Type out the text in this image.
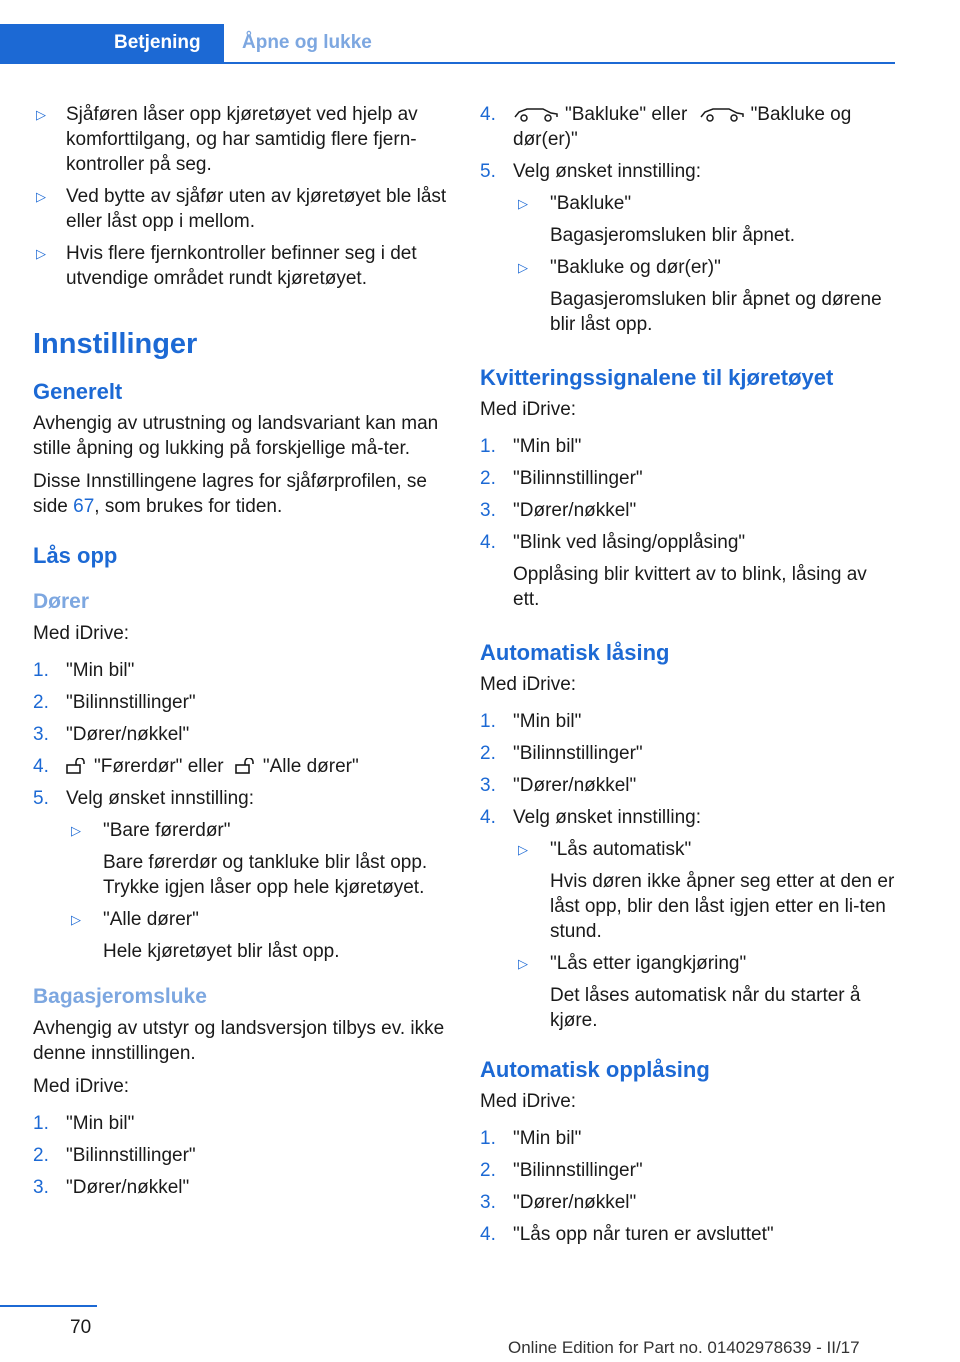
Betjening Åpne og lukke
▷ Sjåføren låser opp kjøretøyet ved hjelp av komforttilgang, og har samtidig flere fjern-kontroller på seg.
▷ Ved bytte av sjåfør uten av kjøretøyet ble låst eller låst opp i mellom.
▷ Hvis flere fjernkontroller befinner seg i det utvendige området rundt kjøretøyet.
Innstillinger
Generelt

Avhengig av utrustning og landsvariant kan man stille åpning og lukking på forskjellige må-ter.

Disse Innstillingene lagres for sjåførprofilen, se side 67, som brukes for tiden.

Lås opp
Dører

Med iDrive:

1. "Min bil"
2. "Bilinnstillinger"
3. "Dører/nøkkel"
4. "Førerdør" eller "Alle dører"
5. Velg ønsket innstilling:
▷ "Bare førerdør"
Bare førerdør og tankluke blir låst opp. Trykke igjen låser opp hele kjøretøyet.
▷ "Alle dører"
Hele kjøretøyet blir låst opp.
Bagasjeromsluke

Avhengig av utstyr og landsversjon tilbys ev. ikke denne innstillingen.

Med iDrive:

1. "Min bil"
2. "Bilinnstillinger"
3. "Dører/nøkkel"
4.	"Bakluke" eller	"Bakluke og dør(er)"
5. Velg ønsket innstilling:
▷ "Bakluke"
Bagasjeromsluken blir åpnet.
▷ "Bakluke og dør(er)"
Bagasjeromsluken blir åpnet og dørene blir låst opp.
Kvitteringssignalene til kjøretøyet

Med iDrive:

1. "Min bil"
2. "Bilinnstillinger"
3. "Dører/nøkkel"
4. "Blink ved låsing/opplåsing"
Opplåsing blir kvittert av to blink, låsing av ett.
Automatisk låsing

Med iDrive:

1. "Min bil"
2. "Bilinnstillinger"
3. "Dører/nøkkel"
4. Velg ønsket innstilling:
▷ "Lås automatisk"
Hvis døren ikke åpner seg etter at den er låst opp, blir den låst igjen etter en li-ten stund.
▷ "Lås etter igangkjøring"
Det låses automatisk når du starter å kjøre.
Automatisk opplåsing

Med iDrive:

1. "Min bil"
2. "Bilinnstillinger"
3. "Dører/nøkkel"
4. "Lås opp når turen er avsluttet"
70
Online Edition for Part no. 01402978639 - II/17
